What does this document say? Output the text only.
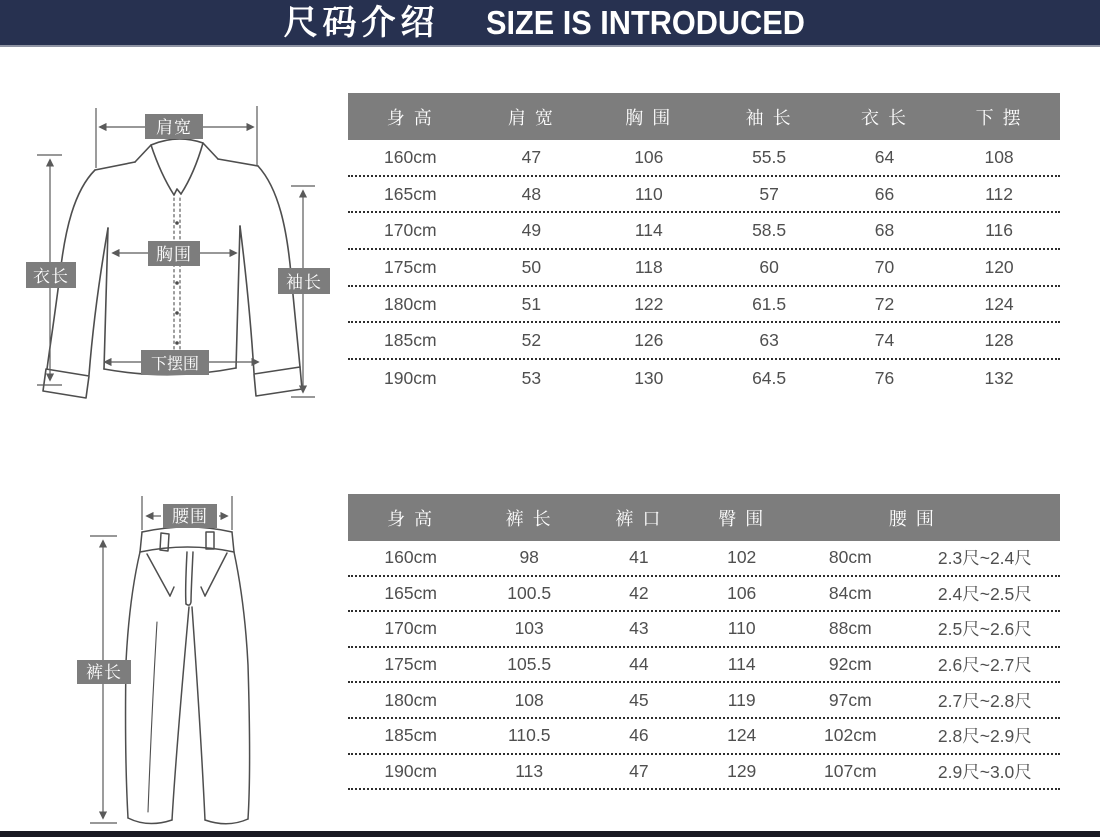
尺码介绍 SIZE IS INTRODUCED
肩宽
衣长
胸围
袖长
下摆围
身 高	肩 宽	胸 围	袖 长	衣 长	下 摆
160cm	47	106	55.5	64	108
165cm	48	110	57	66	112
170cm	49	114	58.5	68	116
175cm	50	118	60	70	120
180cm	51	122	61.5	72	124
185cm	52	126	63	74	128
190cm	53	130	64.5	76	132
腰围
裤长
身 高	裤 长	裤 口	臀 围	腰 围
160cm	98	41	102	80cm	2.3尺~2.4尺
165cm	100.5	42	106	84cm	2.4尺~2.5尺
170cm	103	43	110	88cm	2.5尺~2.6尺
175cm	105.5	44	114	92cm	2.6尺~2.7尺
180cm	108	45	119	97cm	2.7尺~2.8尺
185cm	110.5	46	124	102cm	2.8尺~2.9尺
190cm	113	47	129	107cm	2.9尺~3.0尺
